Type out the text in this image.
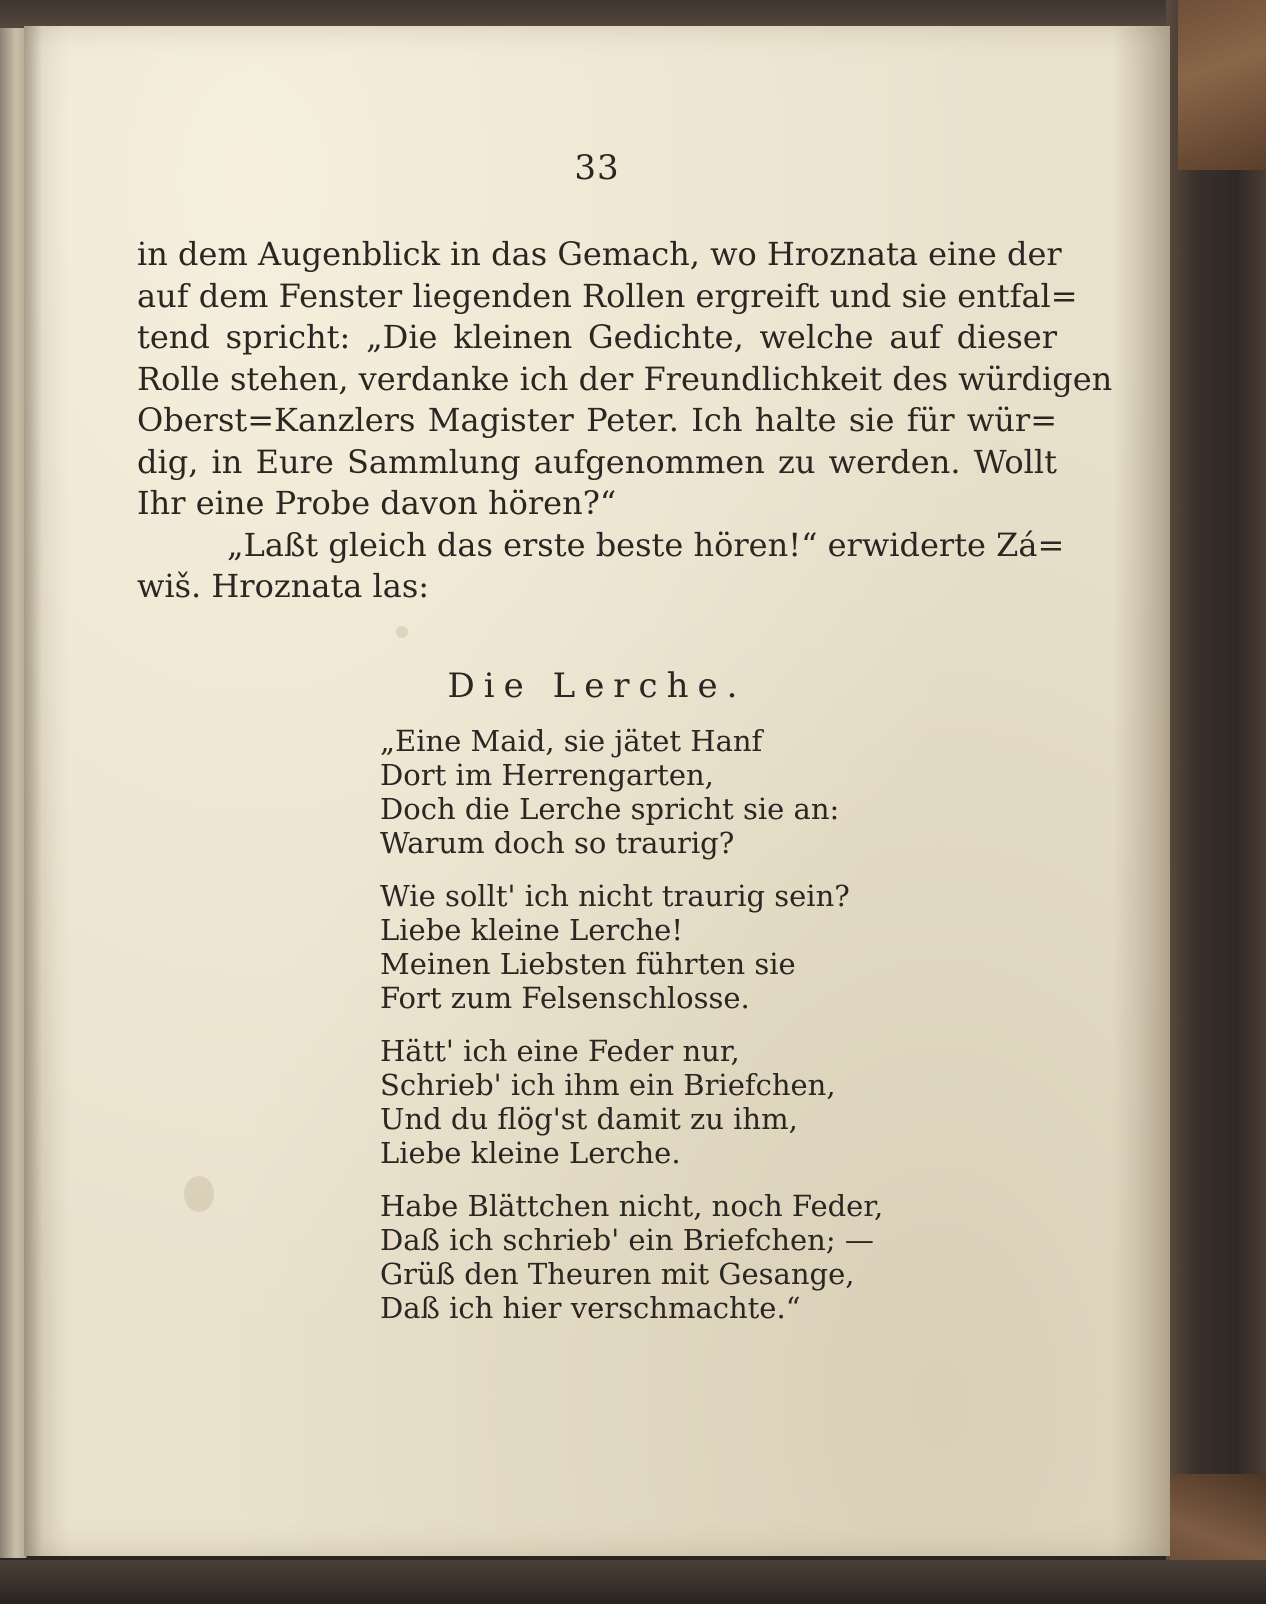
33
in dem Augenblick in das Gemach, wo Hroznata eine der
auf dem Fenster liegenden Rollen ergreift und sie entfal=
tend spricht: „Die kleinen Gedichte, welche auf dieser
Rolle stehen, verdanke ich der Freundlichkeit des würdigen
Oberst=Kanzlers Magister Peter. Ich halte sie für wür=
dig, in Eure Sammlung aufgenommen zu werden. Wollt
Ihr eine Probe davon hören?“
„Laßt gleich das erste beste hören!“ erwiderte Zá=
wiš. Hroznata las:
Die Lerche.
„Eine Maid, sie jätet Hanf
Dort im Herrengarten,
Doch die Lerche spricht sie an:
Warum doch so traurig?
Wie sollt' ich nicht traurig sein?
Liebe kleine Lerche!
Meinen Liebsten führten sie
Fort zum Felsenschlosse.
Hätt' ich eine Feder nur,
Schrieb' ich ihm ein Briefchen,
Und du flög'st damit zu ihm,
Liebe kleine Lerche.
Habe Blättchen nicht, noch Feder,
Daß ich schrieb' ein Briefchen; —
Grüß den Theuren mit Gesange,
Daß ich hier verschmachte.“
